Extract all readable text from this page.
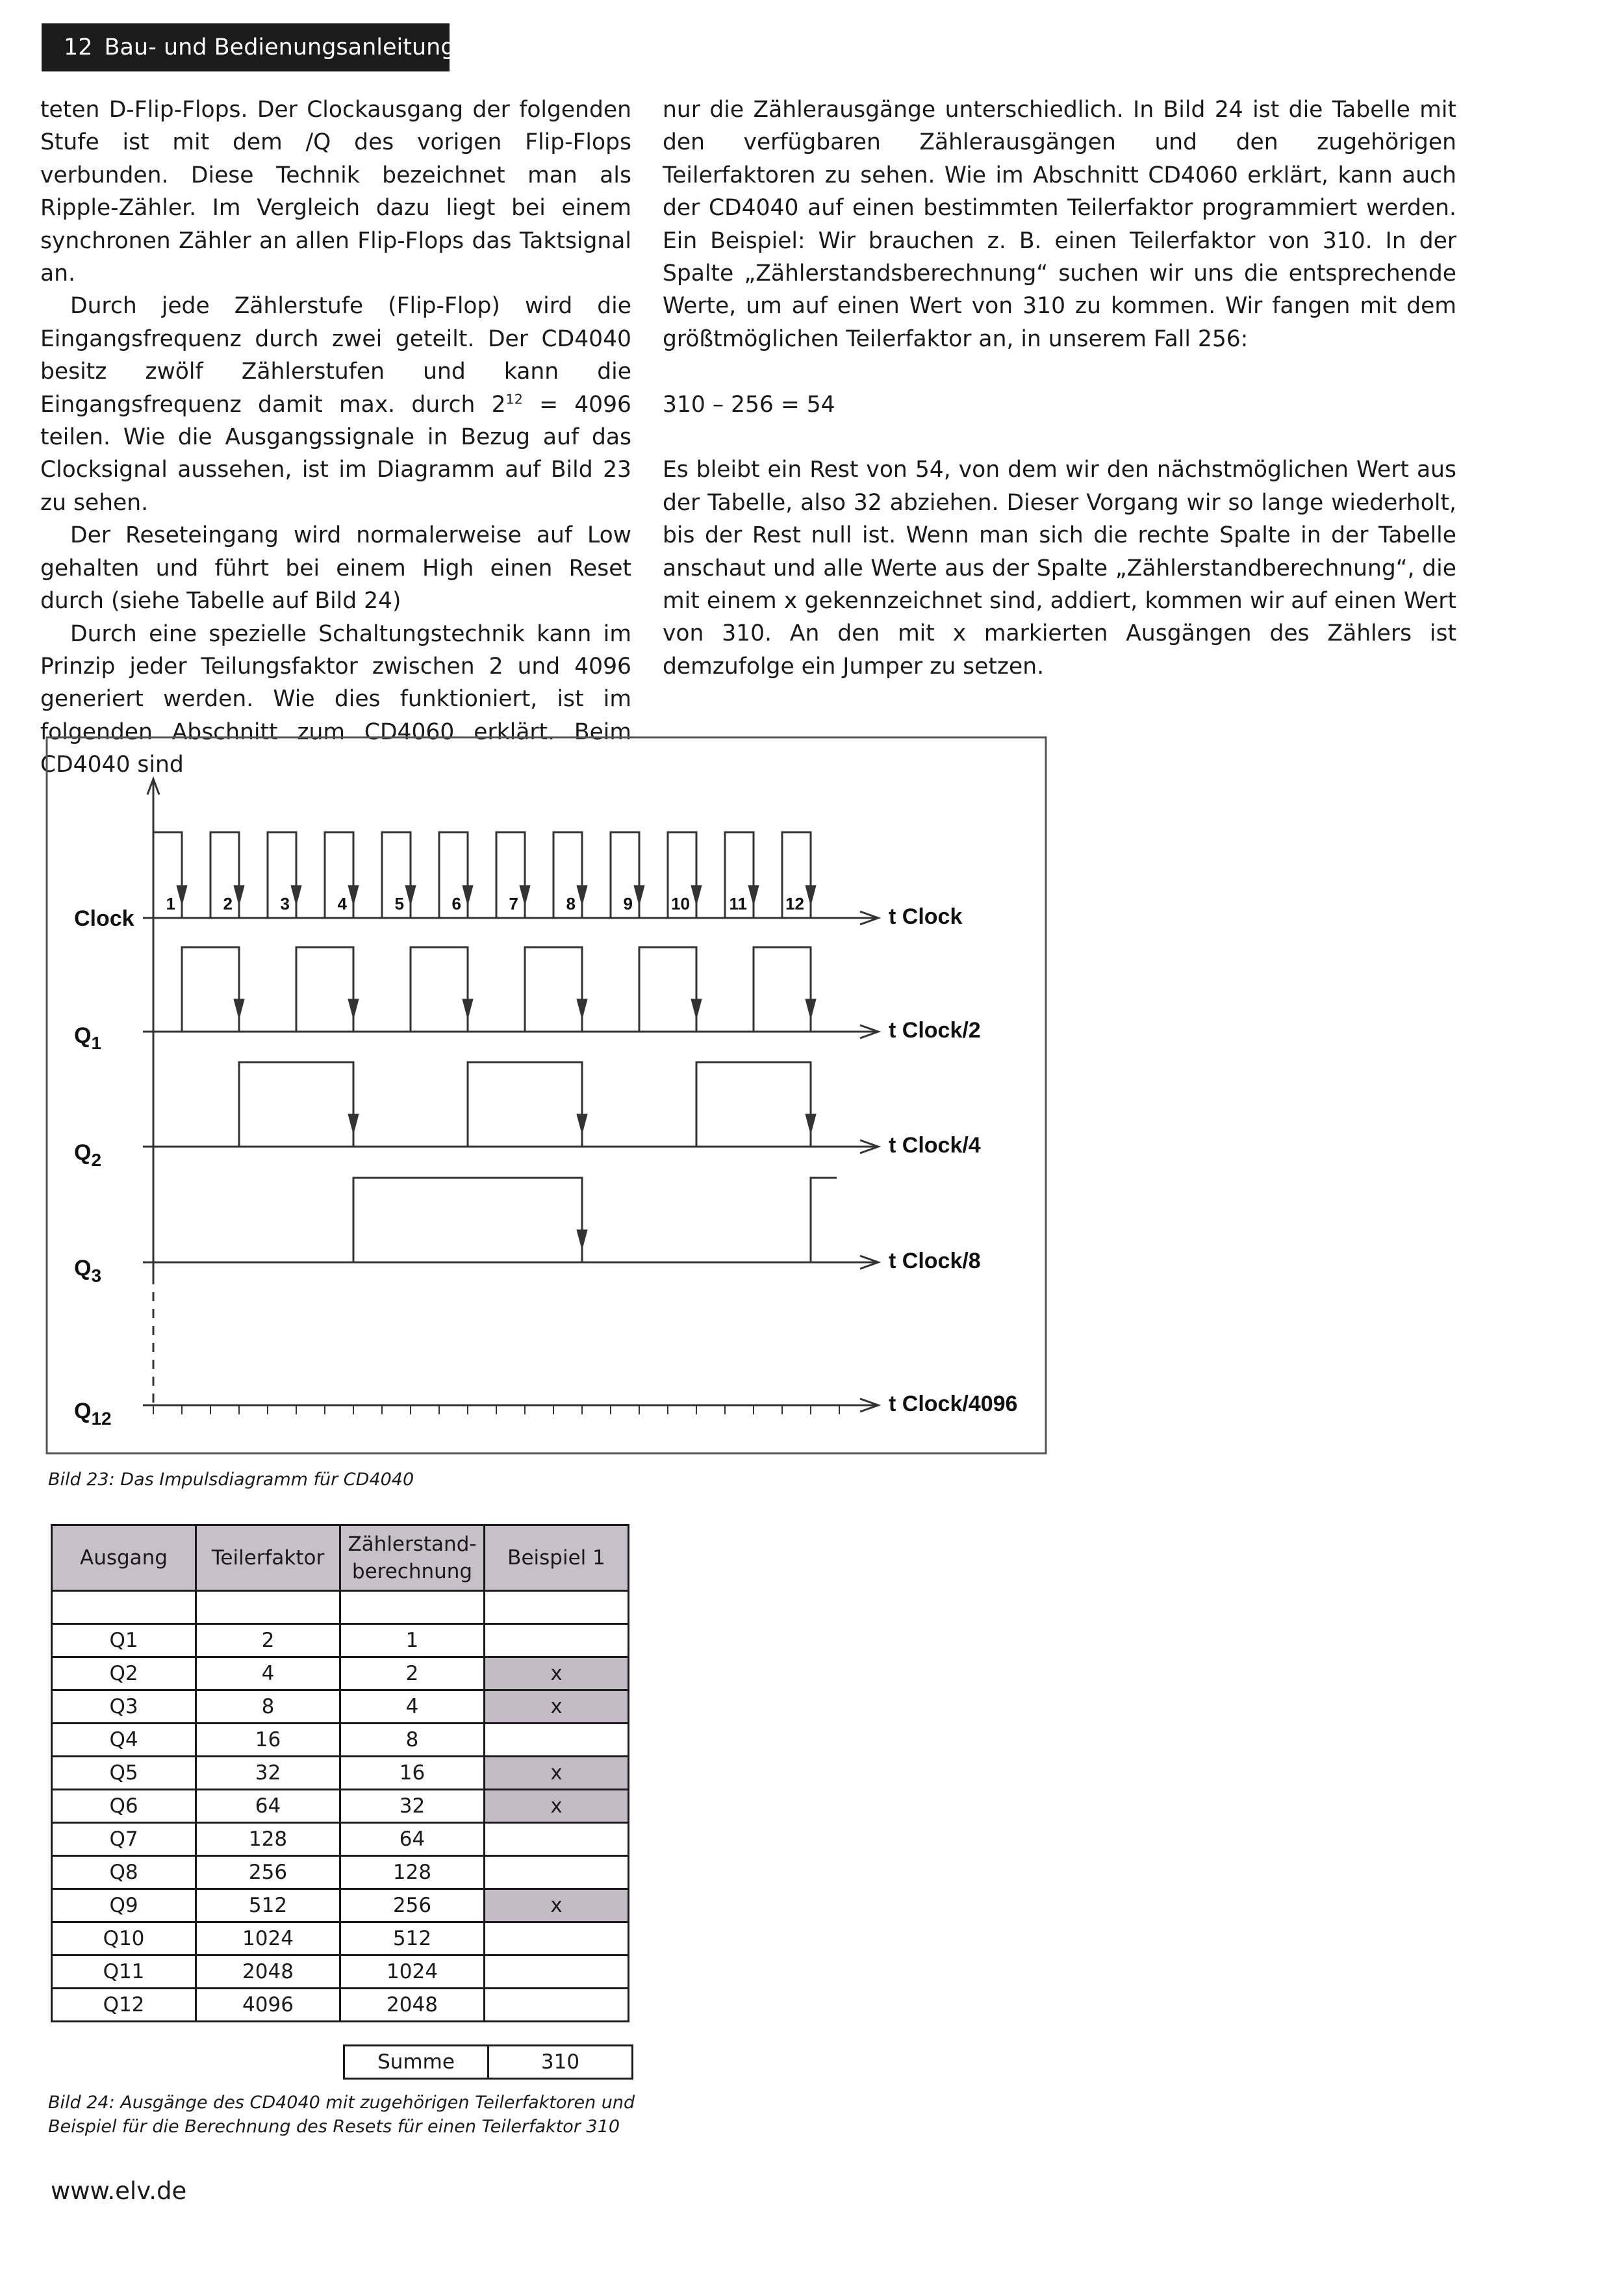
12 Bau- und Bedienungsanleitung

teten D-Flip-Flops. Der Clockausgang der folgenden Stufe ist mit dem /Q des vorigen Flip-Flops verbunden. Diese Technik bezeichnet man als Ripple-Zähler. Im Vergleich dazu liegt bei einem synchronen Zähler an allen Flip-Flops das Taktsignal an.

Durch jede Zählerstufe (Flip-Flop) wird die Eingangsfrequenz durch zwei geteilt. Der CD4040 besitz zwölf Zählerstufen und kann die Eingangsfrequenz damit max. durch $2^{12} = 4096$ teilen. Wie die Ausgangssignale in Bezug auf das Clocksignal aussehen, ist im Diagramm auf Bild 23 zu sehen.

Der Reseteingang wird normalerweise auf Low gehalten und führt bei einem High einen Reset durch (siehe Tabelle auf Bild 24)

Durch eine spezielle Schaltungstechnik kann im Prinzip jeder Teilungsfaktor zwischen 2 und 4096 generiert werden. Wie dies funktioniert, ist im folgenden Abschnitt zum CD4060 erklärt. Beim CD4040 sind

nur die Zählerausgänge unterschiedlich. In Bild 24 ist die Tabelle mit den verfügbaren Zählerausgängen und den zugehörigen Teilerfaktoren zu sehen. Wie im Abschnitt CD4060 erklärt, kann auch der CD4040 auf einen bestimmten Teilerfaktor programmiert werden. Ein Beispiel: Wir brauchen z. B. einen Teilerfaktor von 310. In der Spalte „Zählerstandsberechnung“ suchen wir uns die entsprechende Werte, um auf einen Wert von 310 zu kommen. Wir fangen mit dem größtmöglichen Teilerfaktor an, in unserem Fall 256:

310 – 256 = 54

Es bleibt ein Rest von 54, von dem wir den nächstmöglichen Wert aus der Tabelle, also 32 abziehen. Dieser Vorgang wir so lange wiederholt, bis der Rest null ist. Wenn man sich die rechte Spalte in der Tabelle anschaut und alle Werte aus der Spalte „Zählerstandberechnung“, die mit einem x gekennzeichnet sind, addiert, kommen wir auf einen Wert von 310. An den mit x markierten Ausgängen des Zählers ist demzufolge ein Jumper zu setzen.

1	2	3	4	5	6	7	8	9 10 11 12
Clock	t Clock
$Q_1$
t Clock/2
$Q_2$
t Clock/4
$Q_3$
t Clock/8
$Q_{12}$
t Clock/4096
Bild 23: Das Impulsdiagramm für CD4040
Ausgang	Teilerfaktor	Zählerstand-
berechnung	Beispiel 1

Q1	2	1	
Q2	4	2	x
Q3	8	4	x
Q4	16	8	
Q5	32	16	x
Q6	64	32	x
Q7	128	64	
Q8	256	128	
Q9	512	256	x
Q10	1024	512	
Q11	2048	1024	
Q12	4096	2048	
Summe	310
Bild 24: Ausgänge des CD4040 mit zugehörigen Teilerfaktoren und Beispiel für die Berechnung des Resets für einen Teilerfaktor 310
www.elv.de
